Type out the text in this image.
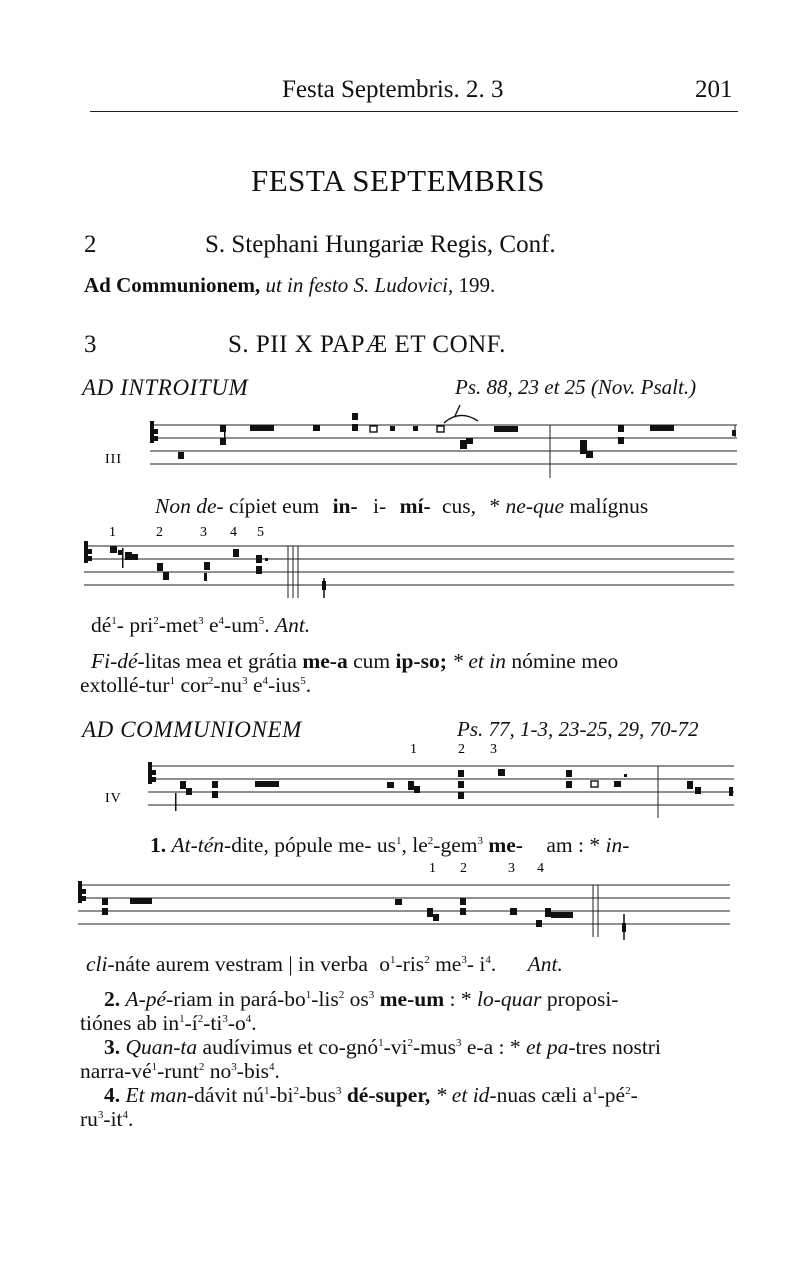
Festa Septembris. 2. 3	201
FESTA SEPTEMBRIS
2	S. Stephani Hungariæ Regis, Conf.
Ad Communionem, ut in festo S. Ludovici, 199.
3	S. PII X PAPÆ ET CONF.
AD INTROITUM	Ps. 88, 23 et 25 (Nov. Psalt.)
III
Non de- cípiet eum in- i- mí- cus, * ne-que malígnus
1	2	3 4 5
$dé^1-$ pri$^2$-met$^3$ $e^4-um^5$. Ant.
Fi-dé-litas mea et grátia me-a cum ip-so; * et in nómine meo
extollé-tur$^1$ $cor^2-nu^3$ $e^4-ius^5$.
AD COMMUNIONEM	Ps. 77, 1-3, 23-25, 29, 70-72
1	2 3
IV
1. At-tén-dite, pópule me- $us^1$, $le^2-gem^3$ me- am : * in-
1 2	3 4
cli-náte aurem vestram | in verba $o^1-ris^2$ $me^3-$ $i^4$. Ant.
2. A-pé-riam in pará-$bo^1-lis^2$ $os^3$ me-um : * lo-quar proposi-
tiónes ab $in^1-í^2-ti^3-o^4$.
3. Quan-ta audívimus et $co-gnó^1-vi^2-mus^3$ e-a : * et pa-tres nostri
narra-$vé^1-runt^2$ $no^3-bis^4$.
4. Et man-dávit $nú^1-bi^2-bus^3$ dé-super, * et id-nuas cæli $a^1-pé^2-$
$ru^3-it^4$.
